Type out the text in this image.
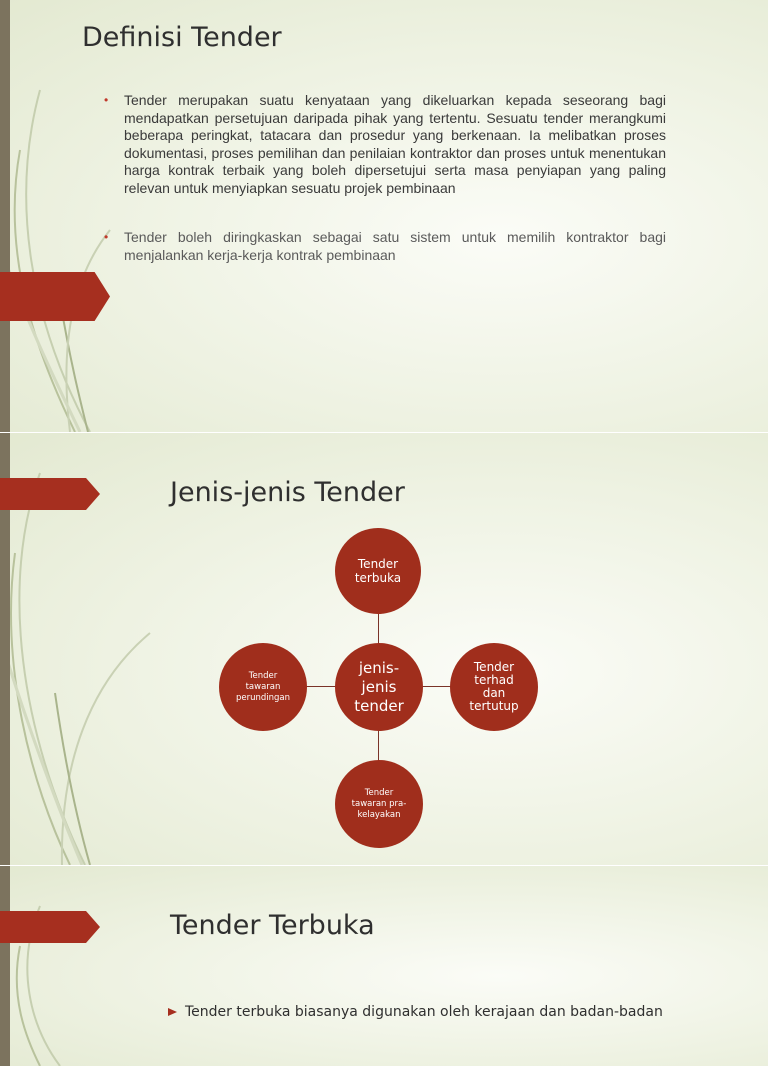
Definisi Tender
• Tender merupakan suatu kenyataan yang dikeluarkan kepada seseorang bagi mendapatkan persetujuan daripada pihak yang tertentu. Sesuatu tender merangkumi beberapa peringkat, tatacara dan prosedur yang berkenaan. Ia melibatkan proses dokumentasi, proses pemilihan dan penilaian kontraktor dan proses untuk menentukan harga kontrak terbaik yang boleh dipersetujui serta masa penyiapan yang paling relevan untuk menyiapkan sesuatu projek pembinaan
• Tender boleh diringkaskan sebagai satu sistem untuk memilih kontraktor bagi menjalankan kerja-kerja kontrak pembinaan
Jenis-jenis Tender
Tender terbuka
jenis-jenis tender
Tender terhad dan tertutup
Tender tawaran pra-kelayakan
Tender tawaran perundingan
Tender Terbuka
Tender terbuka biasanya digunakan oleh kerajaan dan badan-badan
